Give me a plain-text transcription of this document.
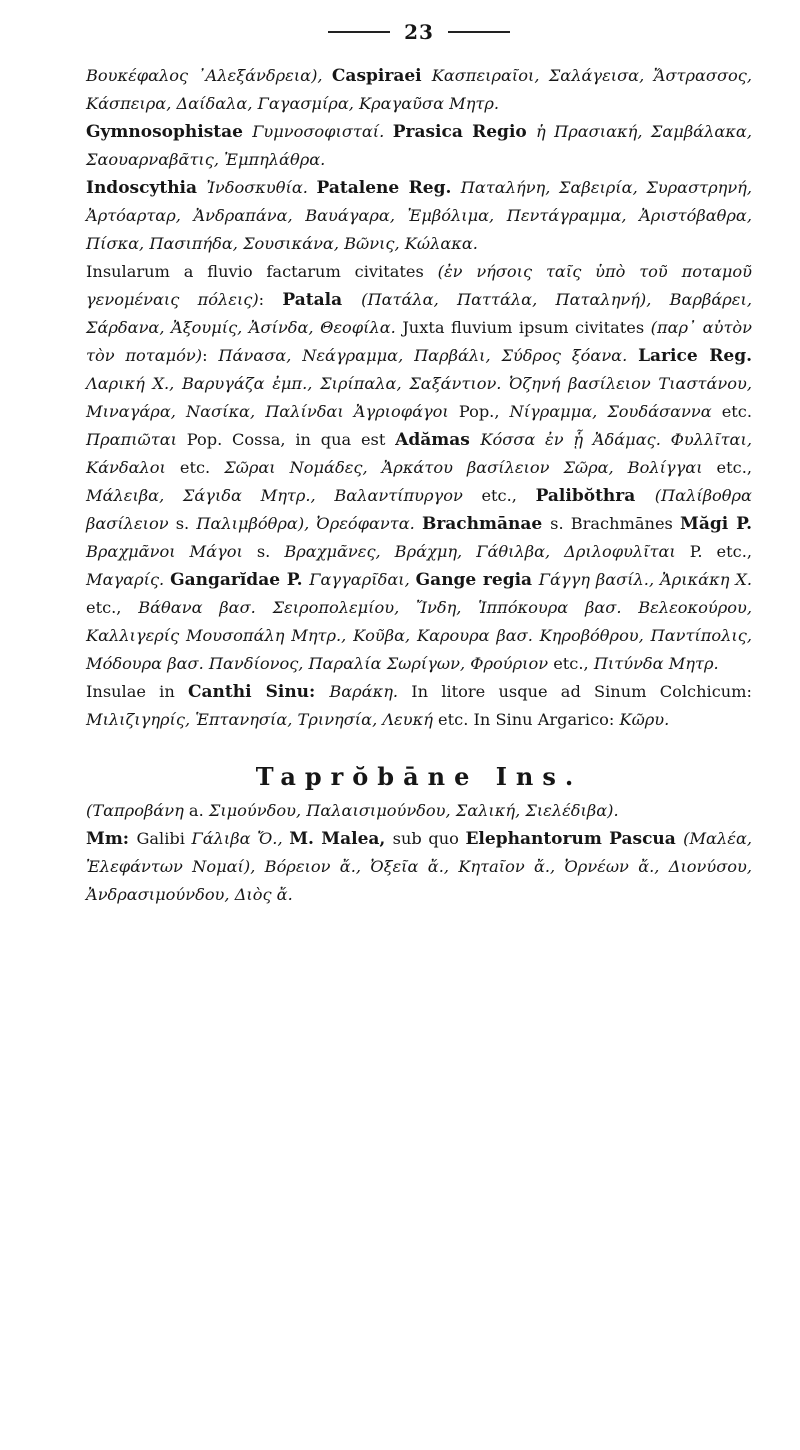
23

Βουκέφαλος ᾿Αλεξάνδρεια), Caspiraei Κασπειραῖοι, Σαλάγεισα, Ἄστρασσος, Κάσπειρα, Δαίδαλα, Γαγασμίρα, Κραγαῦσα Μητρ.

Gymnosophistae Γυμνοσοφισταί. Prasica Regio ἡ Πρασιακή, Σαμβάλακα, Σαουαρναβᾶτις, Ἐμπηλάθρα.

Indoscythia Ἰνδοσκυθία. Patalene Reg. Παταλήνη, Σαβειρία, Συραστρηνή, Ἀρτόαρταρ, Ἀνδραπάνα, Βαυάγαρα, Ἐμβόλιμα, Πεντάγραμμα, Ἀριστόβαθρα, Πίσκα, Πασιπήδα, Σουσικάνα, Βῶνις, Κώλακα.

Insularum a fluvio factarum civitates (ἐν νήσοις ταῖς ὑπὸ τοῦ ποταμοῦ γενομέναις πόλεις): Patala (Πατάλα, Παττάλα, Παταληνή), Βαρβάρει, Σάρδανα, Ἀξουμίς, Ἀσίνδα, Θεοφίλα. Juxta fluvium ipsum civitates (παρ᾽ αὐτὸν τὸν ποταμόν): Πάνασα, Νεάγραμμα, Παρβάλι, Σύδρος ξόανα. Larice Reg. Λαρική Χ., Βαρυγάζα ἐμπ., Σιρίπαλα, Σαξάντιον. Ὀζηνή βασίλειον Τιαστάνου, Μιναγάρα, Νασίκα, Παλίνδαι Ἀγριοφάγοι Pop., Νίγραμμα, Σουδάσαννα etc. Πραπιῶται Pop. Cossa, in qua est Adămas Κόσσα ἐν ᾗ Ἀδάμας. Φυλλῖται, Κάνδαλοι etc. Σῶραι Νομάδες, Ἀρκάτου βασίλειον Σῶρα, Βολίγγαι etc., Μάλειβα, Σάγιδα Μητρ., Βαλαντίπυργον etc., Palibŏthra (Παλίβοθρα βασίλειον s. Παλιμβόθρα), Ὀρεόφαντα. Brachmānae s. Brachmānes Măgi P. Βραχμᾶνοι Μάγοι s. Βραχμᾶνες, Βράχμη, Γάθιλβα, Δριλοφυλῖται P. etc., Μαγαρίς. Gangarĭdae P. Γαγγαρῖδαι, Gange regia Γάγγη βασίλ., Ἀρικάκη Χ. etc., Βάθανα βασ. Σειροπολεμίου, Ἴνδη, Ἱππόκουρα βασ. Βελεοκούρου, Καλλιγερίς Μουσοπάλη Μητρ., Κοῦβα, Καρουρα βασ. Κηροβόθρου, Παντίπολις, Μόδουρα βασ. Πανδίονος, Παραλία Σωρίγων, Φρούριον etc., Πιτύνδα Μητρ.

Insulae in Canthi Sinu: Βαράκη. In litore usque ad Sinum Colchicum: Μιλιζιγηρίς, Ἑπτανησία, Τρινησία, Λευκή etc. In Sinu Argarico: Κῶρυ.

Taprŏbāne Ins.

(Ταπροβάνη a. Σιμούνδου, Παλαισιμούνδου, Σαλική, Σιελέδιβα).

Mm: Galibi Γάλιβα Ὄ., M. Malea, sub quo Elephantorum Pascua (Μαλέα, Ἐλεφάντων Νομαί), Βόρειον ἄ., Ὀξεῖα ἄ., Κητaῖον ἄ., Ὀρνέων ἄ., Διονύσου, Ἀνδρασιμούνδου, Διὸς ἄ.
